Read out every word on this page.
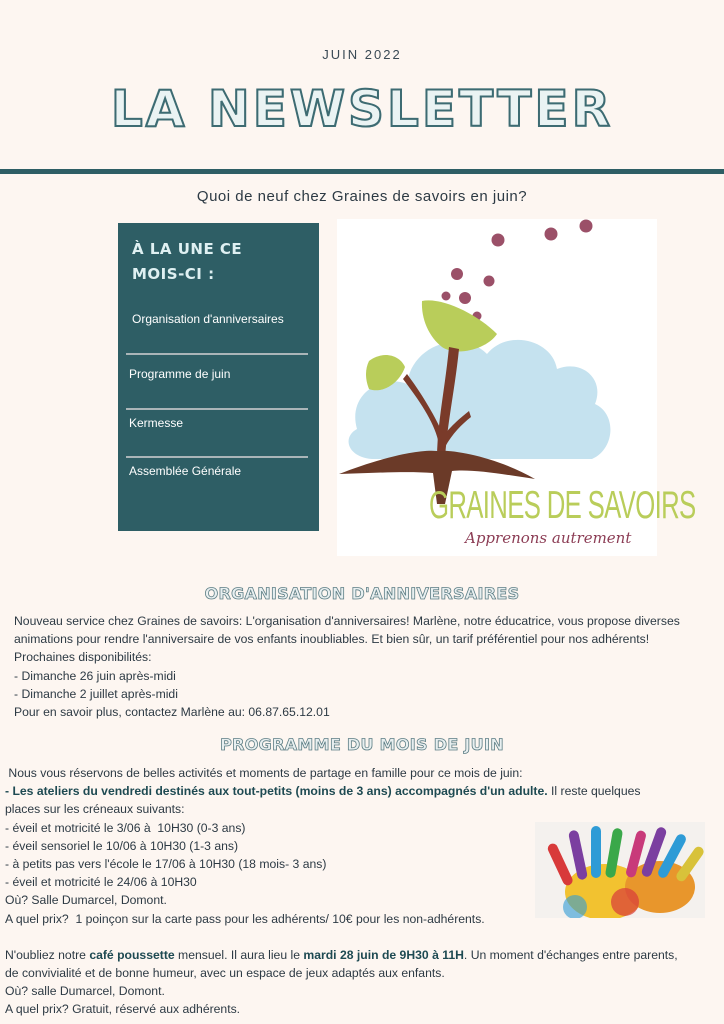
JUIN 2022
LA NEWSLETTER
Quoi de neuf chez Graines de savoirs en juin?
À LA UNE CE MOIS-CI :
Organisation d'anniversaires
Programme de juin
Kermesse
Assemblée Générale
GRAINES DE SAVOIRS
Apprenons autrement
ORGANISATION D'ANNIVERSAIRES
Nouveau service chez Graines de savoirs: L'organisation d'anniversaires! Marlène, notre éducatrice, vous propose diverses
animations pour rendre l'anniversaire de vos enfants inoubliables. Et bien sûr, un tarif préférentiel pour nos adhérents!
Prochaines disponibilités:
- Dimanche 26 juin après-midi
- Dimanche 2 juillet après-midi
Pour en savoir plus, contactez Marlène au: 06.87.65.12.01
PROGRAMME DU MOIS DE JUIN
Nous vous réservons de belles activités et moments de partage en famille pour ce mois de juin:
- Les ateliers du vendredi destinés aux tout-petits (moins de 3 ans) accompagnés d'un adulte. Il reste quelques
places sur les créneaux suivants:
- éveil et motricité le 3/06 à  10H30 (0-3 ans)
- éveil sensoriel le 10/06 à 10H30 (1-3 ans)
- à petits pas vers l'école le 17/06 à 10H30 (18 mois- 3 ans)
- éveil et motricité le 24/06 à 10H30
Où? Salle Dumarcel, Domont.
A quel prix?  1 poinçon sur la carte pass pour les adhérents/ 10€ pour les non-adhérents.
N'oubliez notre café poussette mensuel. Il aura lieu le mardi 28 juin de 9H30 à 11H. Un moment d'échanges entre parents,
de convivialité et de bonne humeur, avec un espace de jeux adaptés aux enfants.
Où? salle Dumarcel, Domont.
A quel prix? Gratuit, réservé aux adhérents.
